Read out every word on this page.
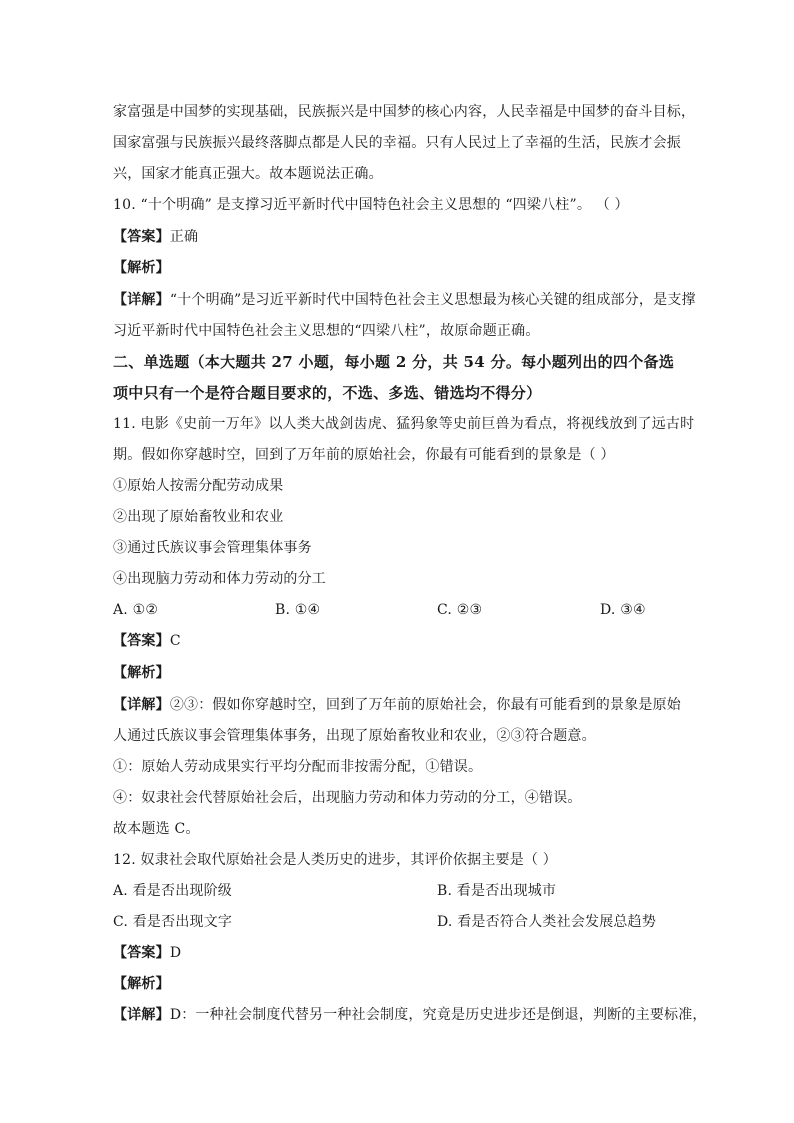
家富强是中国梦的实现基础，民族振兴是中国梦的核心内容，人民幸福是中国梦的奋斗目标，
国家富强与民族振兴最终落脚点都是人民的幸福。只有人民过上了幸福的生活，民族才会振
兴，国家才能真正强大。故本题说法正确。
10. “十个明确” 是支撑习近平新时代中国特色社会主义思想的 “四梁八柱”。 （ ）
【答案】正确
【解析】
【详解】“十个明确”是习近平新时代中国特色社会主义思想最为核心关键的组成部分，是支撑
习近平新时代中国特色社会主义思想的“四梁八柱”，故原命题正确。
二、单选题（本大题共 27 小题，每小题 2 分，共 54 分。每小题列出的四个备选
项中只有一个是符合题目要求的，不选、多选、错选均不得分）
11. 电影《史前一万年》以人类大战剑齿虎、猛犸象等史前巨兽为看点，将视线放到了远古时
期。假如你穿越时空，回到了万年前的原始社会，你最有可能看到的景象是（ ）
①原始人按需分配劳动成果
②出现了原始畜牧业和农业
③通过氏族议事会管理集体事务
④出现脑力劳动和体力劳动的分工
A. ①②	B. ①④	C. ②③	D. ③④
【答案】C
【解析】
【详解】②③：假如你穿越时空，回到了万年前的原始社会，你最有可能看到的景象是原始
人通过氏族议事会管理集体事务，出现了原始畜牧业和农业，②③符合题意。
①：原始人劳动成果实行平均分配而非按需分配，①错误。
④：奴隶社会代替原始社会后，出现脑力劳动和体力劳动的分工，④错误。
故本题选 C。
12. 奴隶社会取代原始社会是人类历史的进步，其评价依据主要是（ ）
A. 看是否出现阶级	B. 看是否出现城市
C. 看是否出现文字	D. 看是否符合人类社会发展总趋势
【答案】D
【解析】
【详解】D：一种社会制度代替另一种社会制度，究竟是历史进步还是倒退，判断的主要标准，
